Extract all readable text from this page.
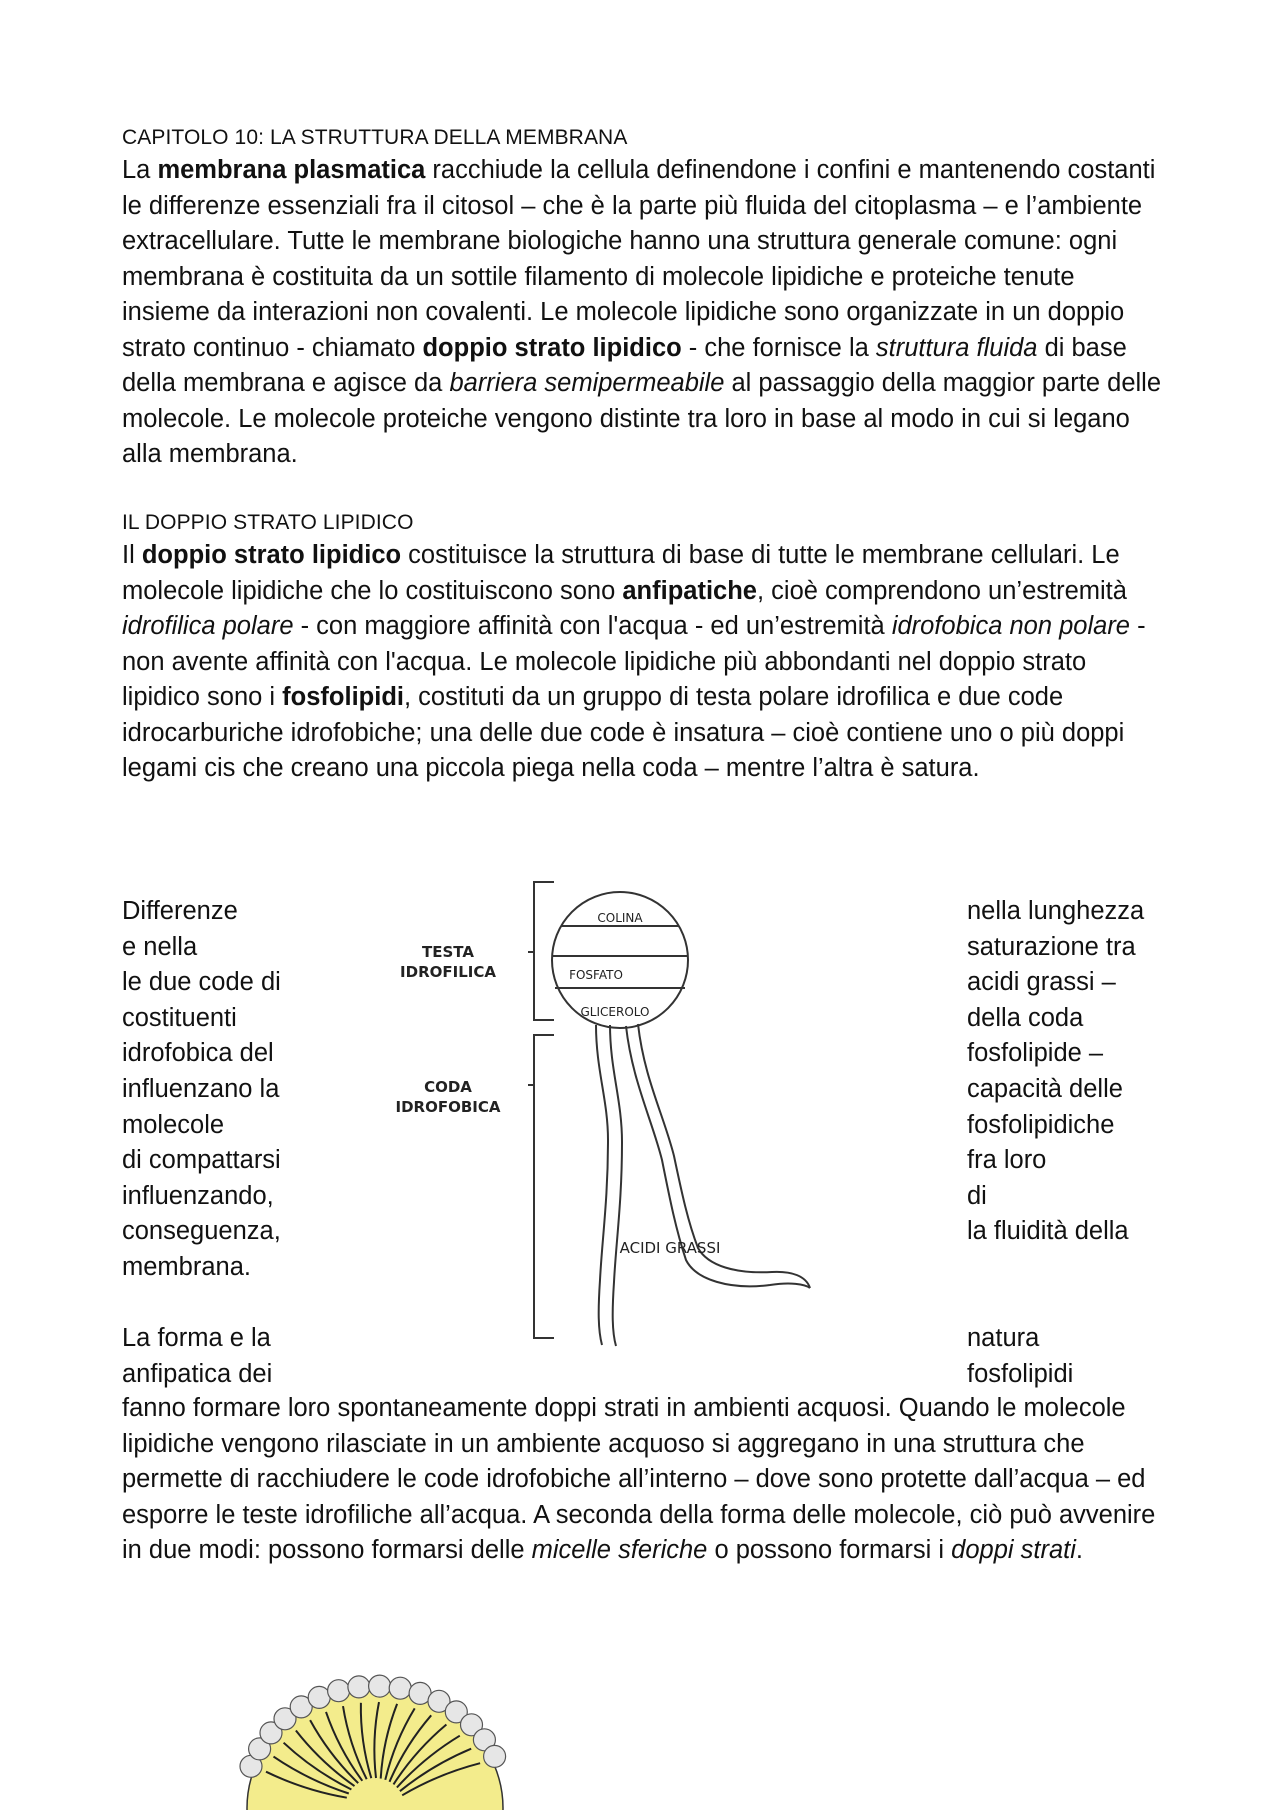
CAPITOLO 10: LA STRUTTURA DELLA MEMBRANA
La membrana plasmatica racchiude la cellula definendone i confini e mantenendo costanti le differenze essenziali fra il citosol – che è la parte più fluida del citoplasma – e l’ambiente extracellulare. Tutte le membrane biologiche hanno una struttura generale comune: ogni membrana è costituita da un sottile filamento di molecole lipidiche e proteiche tenute insieme da interazioni non covalenti. Le molecole lipidiche sono organizzate in un doppio strato continuo - chiamato doppio strato lipidico - che fornisce la struttura fluida di base della membrana e agisce da barriera semipermeabile al passaggio della maggior parte delle molecole. Le molecole proteiche vengono distinte tra loro in base al modo in cui si legano alla membrana.
IL DOPPIO STRATO LIPIDICO
Il doppio strato lipidico costituisce la struttura di base di tutte le membrane cellulari. Le molecole lipidiche che lo costituiscono sono anfipatiche, cioè comprendono un’estremità idrofilica polare - con maggiore affinità con l'acqua - ed un’estremità idrofobica non polare - non avente affinità con l'acqua. Le molecole lipidiche più abbondanti nel doppio strato lipidico sono i fosfolipidi, costituti da un gruppo di testa polare idrofilica e due code idrocarburiche idrofobiche; una delle due code è insatura – cioè contiene uno o più doppi legami cis che creano una piccola piega nella coda – mentre l’altra è satura.
Differenze
e nella
le due code di
costituenti
idrofobica del
influenzano la
molecole
di compattarsi
influenzando,
conseguenza,
membrana.
La forma e la
anfipatica dei
nella lunghezza
saturazione tra
acidi grassi –
della coda
fosfolipide –
capacità delle
fosfolipidiche
fra loro
di
la fluidità della
natura
fosfolipidi
TESTA
IDROFILICA
CODA
IDROFOBICA
COLINA
FOSFATO
GLICEROLO
ACIDI GRASSI
fanno formare loro spontaneamente doppi strati in ambienti acquosi. Quando le molecole lipidiche vengono rilasciate in un ambiente acquoso si aggregano in una struttura che permette di racchiudere le code idrofobiche all’interno – dove sono protette dall’acqua – ed esporre le teste idrofiliche all’acqua. A seconda della forma delle molecole, ciò può avvenire in due modi: possono formarsi delle micelle sferiche o possono formarsi i doppi strati.
